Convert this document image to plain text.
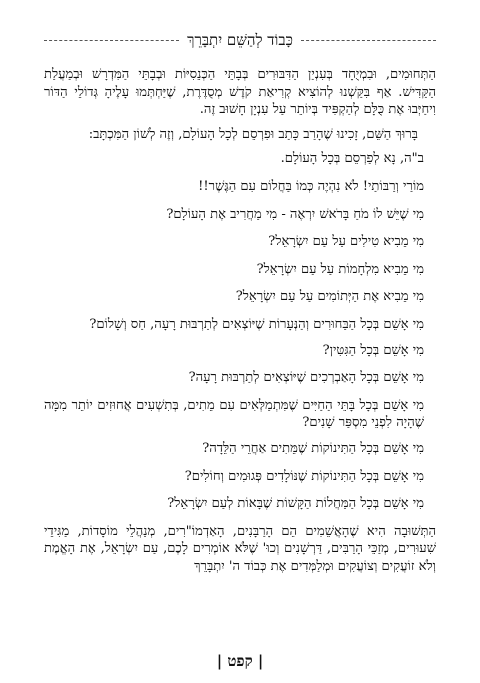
כָּבוֹד לְהַשֵּׁם יִתְבָּרֵךְ

הַתְּחוּמִים, וּבִמְיֻחָד בְּעִנְיַן הַדִּבּוּרִים בְּבָתֵּי הַכְּנֵסִיּוֹת וּבְבָתֵּי הַמִּדְרָשׁ וּבְמַעֲלַת הַקַּדִּישׁ. אַף בִּקַּשְׁנוּ לְהוֹצִיא קְרִיאַת קֹדֶשׁ מְסֻדֶּרֶת, שֶׁיַּחְתְּמוּ עָלֶיהָ גְּדוֹלֵי הַדּוֹר וִיחַיְּבוּ אֶת כֻּלָּם לְהַקְפִּיד בְּיוֹתֵר עַל עִנְיָן חָשׁוּב זֶה.

בָּרוּךְ הַשֵּׁם, זָכִינוּ שֶׁהָרַב כָּתַב וּפִרְסֵם לְכָל הָעוֹלָם, וְזֶה לְשׁוֹן הַמִּכְתָּב:

ב"ה, נָא לְפַרְסֵם בְּכָל הָעוֹלָם.

מוֹרַי וְרַבּוֹתַי! לֹא נִהְיֶה כְּמוֹ בַּחֲלוֹם עִם הַגֶּשֶׁר!!

מִי שֶׁיֵּשׁ לוֹ מֹחַ בָּרֹאשׁ יִרְאֶה - מִי מַחֲרִיב אֶת הָעוֹלָם?

מִי מֵבִיא טִילִים עַל עַם יִשְׂרָאֵל?

מִי מֵבִיא מִלְחָמוֹת עַל עַם יִשְׂרָאֵל?

מִי מֵבִיא אֶת הַיְּתוֹמִים עַל עַם יִשְׂרָאֵל?

מִי אָשֵׁם בְּכָל הַבַּחוּרִים וְהַנְּעָרוֹת שֶׁיּוֹצְאִים לְתַרְבּוּת רָעָה, חַס וְשָׁלוֹם?

מִי אָשֵׁם בְּכָל הַגִּטִּין?

מִי אָשֵׁם בְּכָל הָאַבְרְכִים שֶׁיּוֹצְאִים לְתַרְבּוּת רָעָה?

מִי אָשֵׁם בְּכָל בָּתֵּי הַחַיִּים שֶׁמִּתְמַלְּאִים עִם מֵתִים, בְּתִשְׁעִים אֲחוּזִים יוֹתֵר מִמָּה שֶׁהָיָה לִפְנֵי מִסְפַּר שָׁנִים?

מִי אָשֵׁם בְּכָל הַתִּינוֹקוֹת שֶׁמֵּתִים אַחֲרֵי הַלֵּדָה?

מִי אָשֵׁם בְּכָל הַתִּינוֹקוֹת שֶׁנּוֹלָדִים פְּגוּמִים וְחוֹלִים?

מִי אָשֵׁם בְּכָל הַמַּחֲלוֹת הַקָּשׁוֹת שֶׁבָּאוֹת לְעַם יִשְׂרָאֵל?

הַתְּשׁוּבָה הִיא שֶׁהָאֲשֵׁמִים הֵם הָרַבָּנִים, הָאַדְמוֹ"רִים, מְנַהֲלֵי מוֹסָדוֹת, מַגִּידֵי שִׁעוּרִים, מְזַכֵּי הָרַבִּים, דַּרְשָׁנִים וְכוּ' שֶׁלֹּא אוֹמְרִים לָכֶם, עַם יִשְׂרָאֵל, אֶת הָאֱמֶת וְלֹא זוֹעֲקִים וְצוֹעֲקִים וּמְלַמְּדִים אֶת כְּבוֹד ה' יִתְבָּרֵךְ

| קפט |
